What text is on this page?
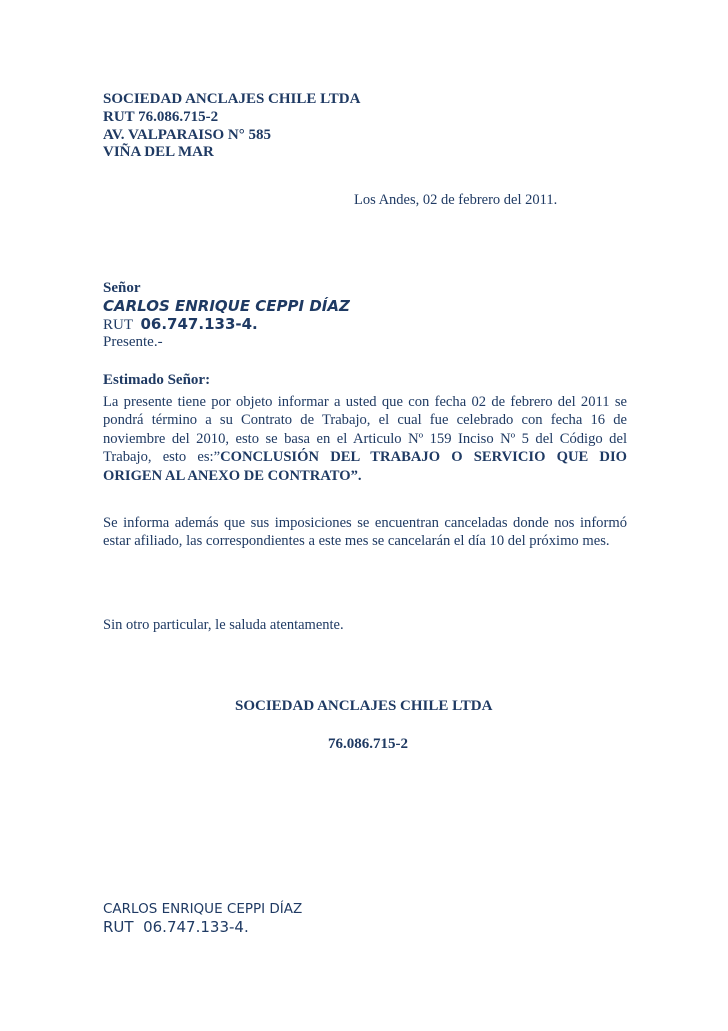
SOCIEDAD ANCLAJES CHILE LTDA
RUT 76.086.715-2
AV. VALPARAISO N° 585
VIÑA DEL MAR
Los Andes, 02 de febrero del 2011.
Señor
CARLOS ENRIQUE CEPPI DÍAZ
RUT 06.747.133-4.
Presente.-
Estimado Señor:
La presente tiene por objeto informar a usted que con fecha 02 de febrero del 2011 se pondrá término a su Contrato de Trabajo, el cual fue celebrado con fecha 16 de noviembre del 2010, esto se basa en el Articulo Nº 159 Inciso Nº 5 del Código del Trabajo, esto es:”CONCLUSIÓN DEL TRABAJO O SERVICIO QUE DIO ORIGEN AL ANEXO DE CONTRATO”.
Se informa además que sus imposiciones se encuentran canceladas donde nos informó estar afiliado, las correspondientes a este mes se cancelarán el día 10 del próximo mes.
Sin otro particular, le saluda atentamente.
SOCIEDAD ANCLAJES CHILE LTDA
76.086.715-2
CARLOS ENRIQUE CEPPI DÍAZ
RUT  06.747.133-4.
